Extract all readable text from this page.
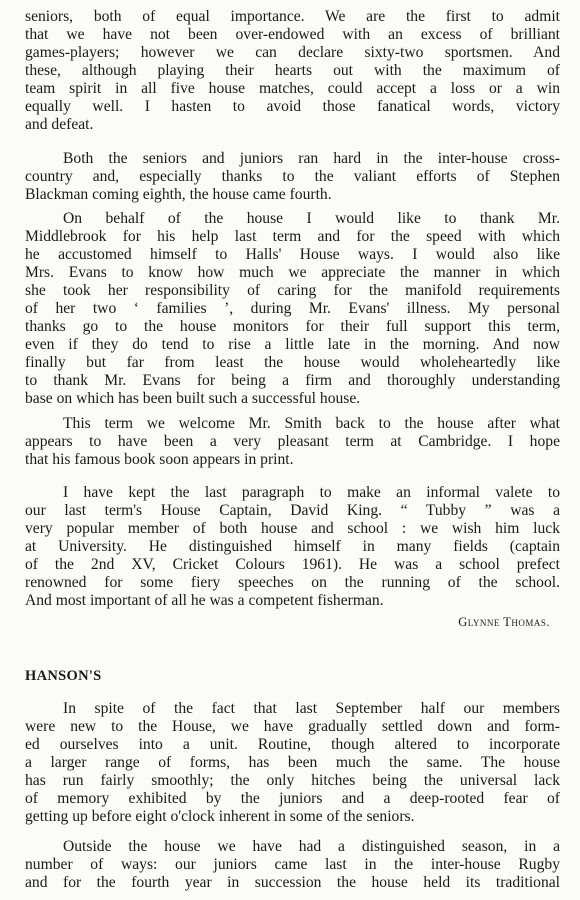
seniors, both of equal importance. We are the first to admit
that we have not been over-endowed with an excess of brilliant
games-players; however we can declare sixty-two sportsmen. And
these, although playing their hearts out with the maximum of
team spirit in all five house matches, could accept a loss or a win
equally well. I hasten to avoid those fanatical words, victory
and defeat.
Both the seniors and juniors ran hard in the inter-house cross-
country and, especially thanks to the valiant efforts of Stephen
Blackman coming eighth, the house came fourth.
On behalf of the house I would like to thank Mr.
Middlebrook for his help last term and for the speed with which
he accustomed himself to Halls' House ways. I would also like
Mrs. Evans to know how much we appreciate the manner in which
she took her responsibility of caring for the manifold requirements
of her two ‘ families ’, during Mr. Evans' illness. My personal
thanks go to the house monitors for their full support this term,
even if they do tend to rise a little late in the morning. And now
finally but far from least the house would wholeheartedly like
to thank Mr. Evans for being a firm and thoroughly understanding
base on which has been built such a successful house.
This term we welcome Mr. Smith back to the house after what
appears to have been a very pleasant term at Cambridge. I hope
that his famous book soon appears in print.
I have kept the last paragraph to make an informal valete to
our last term's House Captain, David King. “ Tubby ” was a
very popular member of both house and school : we wish him luck
at University. He distinguished himself in many fields (captain
of the 2nd XV, Cricket Colours 1961). He was a school prefect
renowned for some fiery speeches on the running of the school.
And most important of all he was a competent fisherman.
Glynne Thomas.
HANSON'S
In spite of the fact that last September half our members
were new to the House, we have gradually settled down and form-
ed ourselves into a unit. Routine, though altered to incorporate
a larger range of forms, has been much the same. The house
has run fairly smoothly; the only hitches being the universal lack
of memory exhibited by the juniors and a deep-rooted fear of
getting up before eight o'clock inherent in some of the seniors.
Outside the house we have had a distinguished season, in a
number of ways: our juniors came last in the inter-house Rugby
and for the fourth year in succession the house held its traditional
